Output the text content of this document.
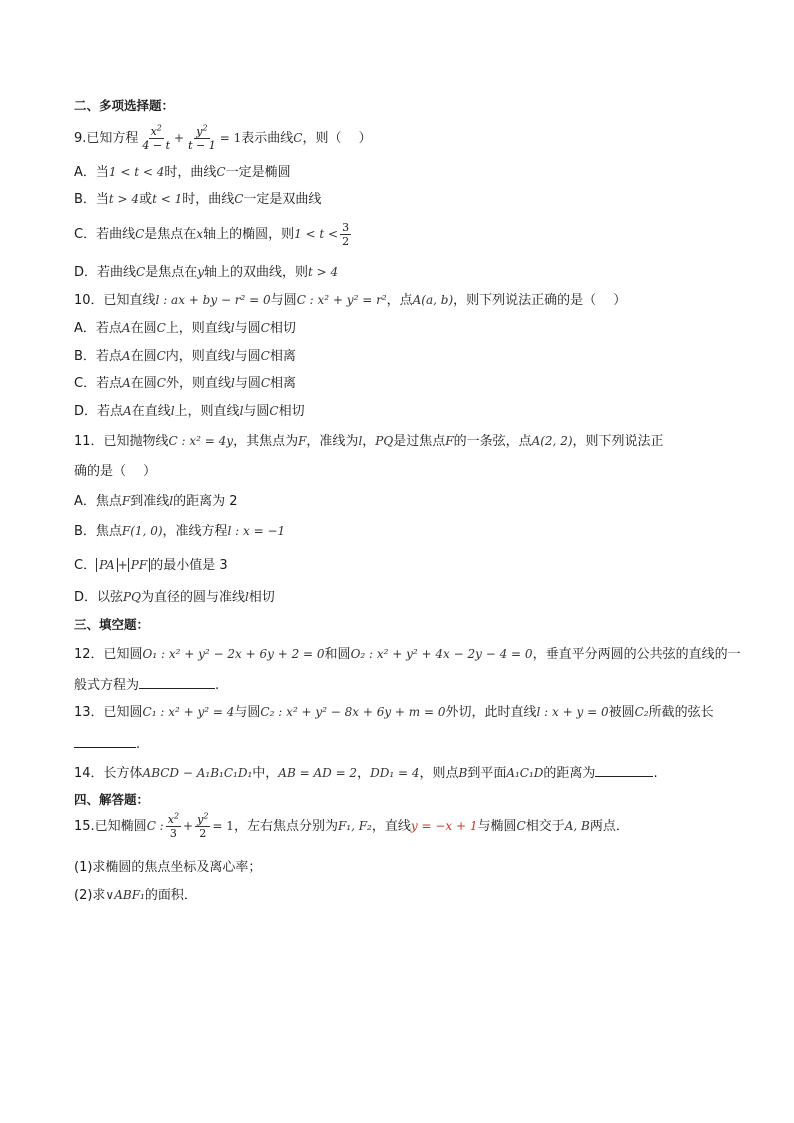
二、多项选择题：
9.已知方程 $\frac{x^2}{4 - t} + \frac{y^2}{t - 1} = 1$表示曲线C，则（　 ）
A．当1 < t < 4时，曲线C一定是椭圆
B．当t > 4或t < 1时，曲线C一定是双曲线
C．若曲线C是焦点在x轴上的椭圆，则$1 < t < \frac{3}{2}$
D．若曲线C是焦点在y轴上的双曲线，则t > 4
10．已知直线l : ax + by − r² = 0与圆C : x² + y² = r²，点A(a, b)，则下列说法正确的是（　 ）
A．若点A在圆C上，则直线l与圆C相切
B．若点A在圆C内，则直线l与圆C相离
C．若点A在圆C外，则直线l与圆C相离
D．若点A在直线l上，则直线l与圆C相切
11．已知抛物线C : x² = 4y，其焦点为F，准线为l，PQ是过焦点F的一条弦，点A(2, 2)，则下列说法正
确的是（　 ）
A．焦点F到准线l的距离为 2
B．焦点F(1, 0)，准线方程l : x = −1
C． PA + PF 的最小值是 3
D．以弦PQ为直径的圆与准线l相切
三、填空题：
12．已知圆O₁ : x² + y² − 2x + 6y + 2 = 0和圆O₂ : x² + y² + 4x − 2y − 4 = 0，垂直平分两圆的公共弦的直线的一
般式方程为	.
13．已知圆C₁ : x² + y² = 4与圆C₂ : x² + y² − 8x + 6y + m = 0外切，此时直线l : x + y = 0被圆C₂所截的弦长
.
14．长方体ABCD − A₁B₁C₁D₁中，AB = AD = 2，DD₁ = 4，则点B到平面A₁C₁D的距离为	.
四、解答题：
15.已知椭圆C : $\frac{x^2}{3} + \frac{y^2}{2} = 1$，左右焦点分别为F₁, F₂，直线y = −x + 1与椭圆C相交于A, B两点．
(1)求椭圆的焦点坐标及离心率；
(2)求∨ABF₁的面积．
